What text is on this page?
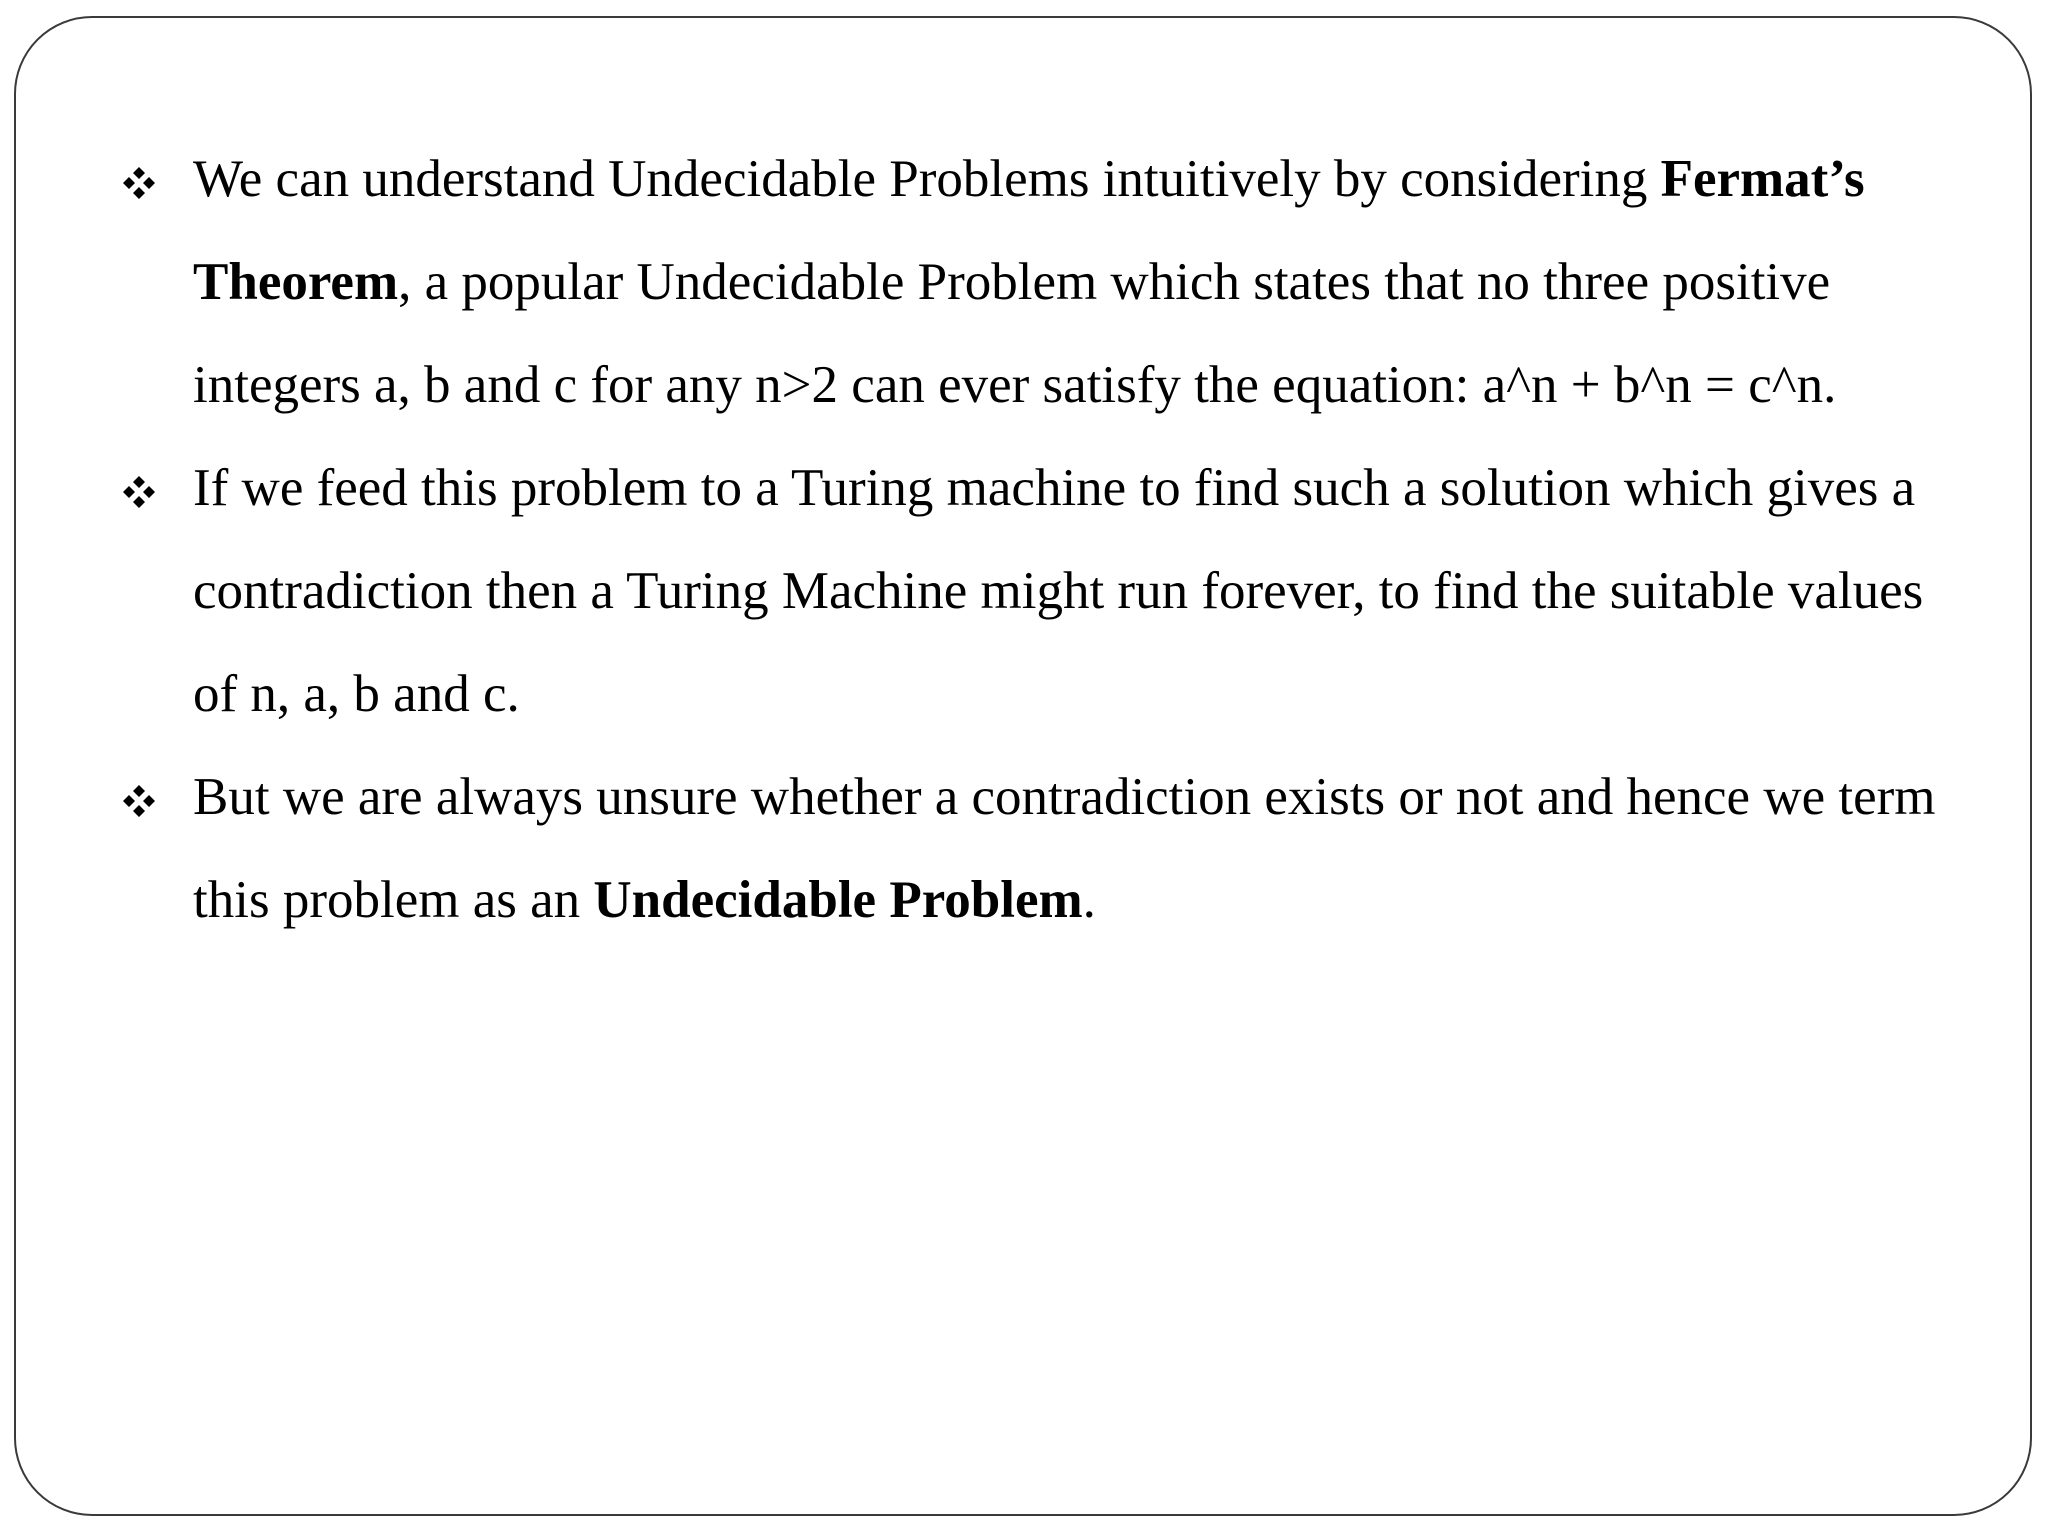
We can understand Undecidable Problems intuitively by considering Fermat’s Theorem, a popular Undecidable Problem which states that no three positive integers a, b and c for any n>2 can ever satisfy the equation: a^n + b^n = c^n.
If we feed this problem to a Turing machine to find such a solution which gives a contradiction then a Turing Machine might run forever, to find the suitable values of n, a, b and c.
But we are always unsure whether a contradiction exists or not and hence we term this problem as an Undecidable Problem.
